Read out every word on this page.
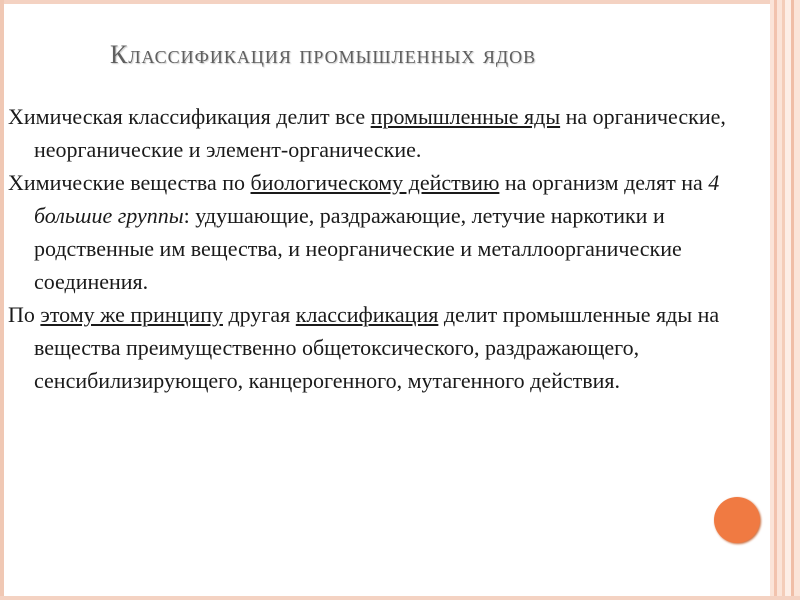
Классификация промышленных ядов

Химическая классификация делит все промышленные яды на органические, неорганические и элемент-органические.

Химические вещества по биологическому действию на организм делят на 4 большие группы: удушающие, раздражающие, летучие наркотики и родственные им вещества, и неорганические и металлоорганические соединения.

По этому же принципу другая классификация делит промышленные яды на вещества преимущественно общетоксического, раздражающего, сенсибилизирующего, канцерогенного, мутагенного действия.
